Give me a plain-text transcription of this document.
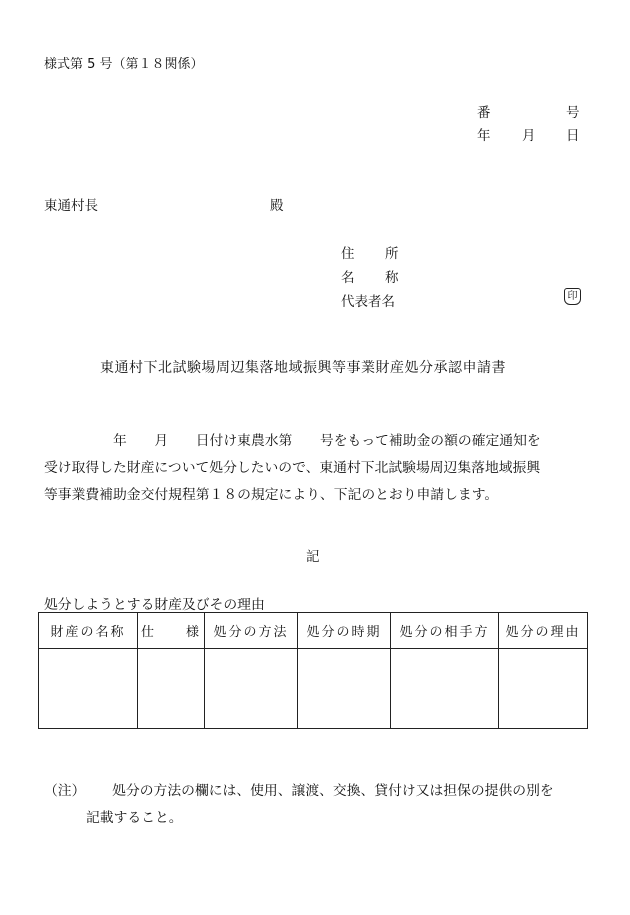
様式第 5 号（第１８関係）
番	号
年 月 日
東通村長	殿
住 所
名 称
代表者名	印
東通村下北試験場周辺集落地域振興等事業財産処分承認申請書
　　　　　年　　月　　日付け東農水第　　号をもって補助金の額の確定通知を
受け取得した財産について処分したいので、東通村下北試験場周辺集落地域振興
等事業費補助金交付規程第１８の規定により、下記のとおり申請します。
記
処分しようとする財産及びその理由
財産の名称	仕　　様	処分の方法	処分の時期	処分の相手方	処分の理由

（注） 処分の方法の欄には、使用、譲渡、交換、貸付け又は担保の提供の別を
記載すること。
